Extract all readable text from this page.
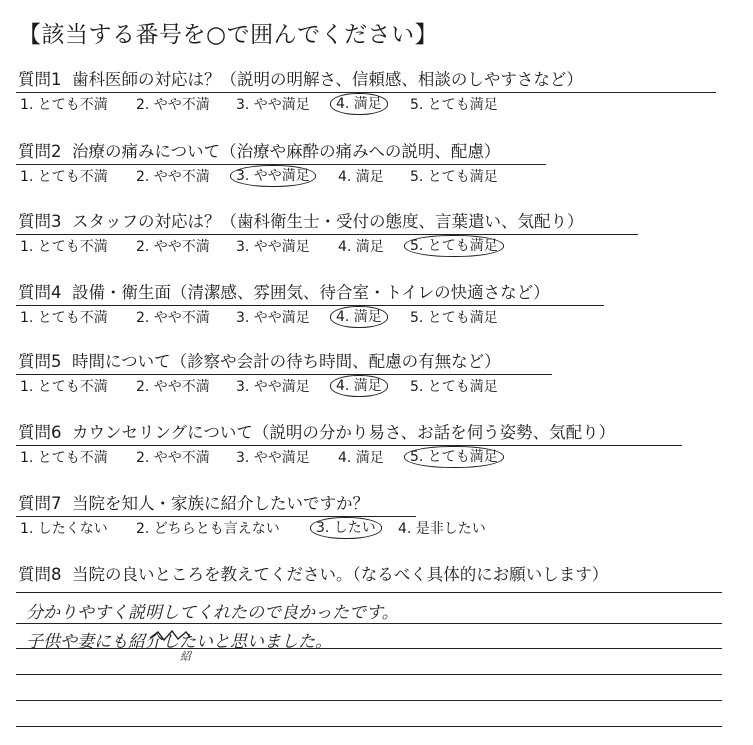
【該当する番号を○で囲んでください】
質問1 歯科医師の対応は？（説明の明解さ、信頼感、相談のしやすさなど）
1. とても不満 2. やや不満 3. やや満足	4. 満足	5. とても満足
質問2 治療の痛みについて（治療や麻酔の痛みへの説明、配慮）
1. とても不満 2. やや不満	3. やや満足	4. 満足 5. とても満足
質問3 スタッフの対応は？（歯科衛生士・受付の態度、言葉遣い、気配り）
1. とても不満 2. やや不満 3. やや満足 4. 満足	5. とても満足
質問4 設備・衛生面（清潔感、雰囲気、待合室・トイレの快適さなど）
1. とても不満 2. やや不満 3. やや満足	4. 満足	5. とても満足
質問5 時間について（診察や会計の待ち時間、配慮の有無など）
1. とても不満 2. やや不満 3. やや満足	4. 満足	5. とても満足
質問6 カウンセリングについて（説明の分かり易さ、お話を伺う姿勢、気配り）
1. とても不満 2. やや不満 3. やや満足 4. 満足	5. とても満足
質問7 当院を知人・家族に紹介したいですか？
1. したくない 2. どちらとも言えない	3. したい	4. 是非したい
質問8 当院の良いところを教えてください。（なるべく具体的にお願いします）
分かりやすく説明してくれたので良かったです。
子供や妻にも紹介したいと思いました。
紹
